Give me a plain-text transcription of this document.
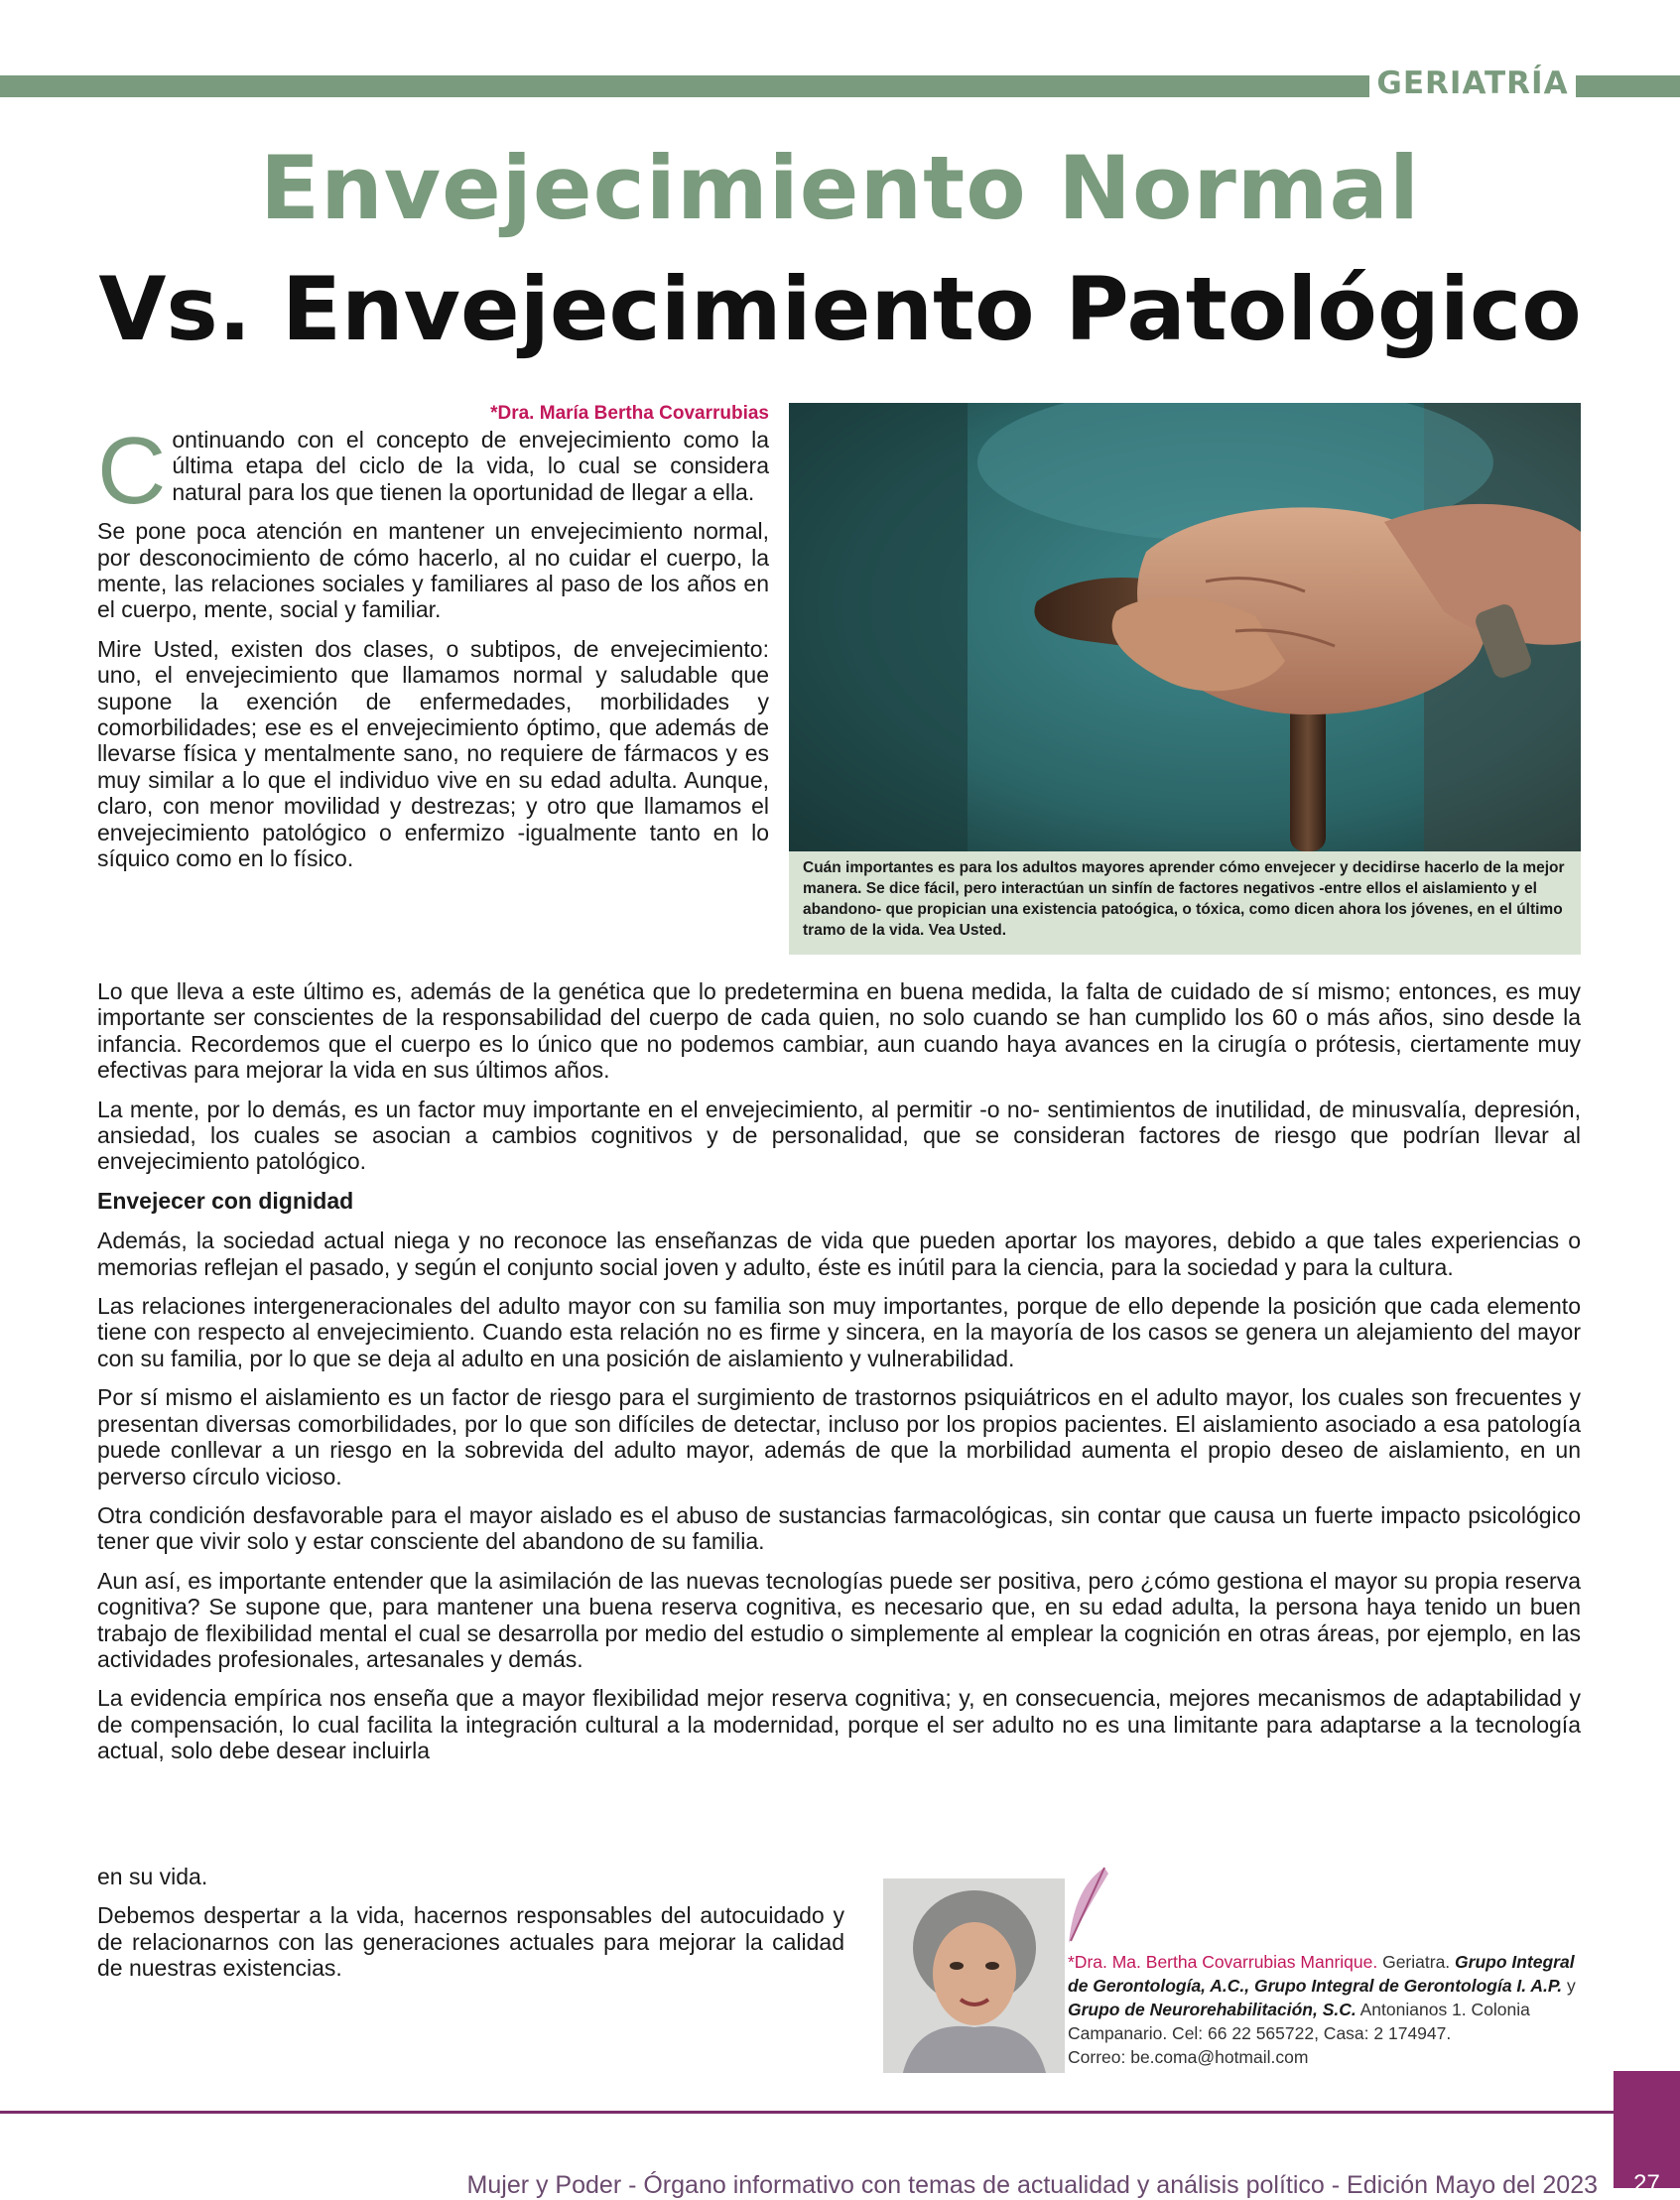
GERIATRÍA
Envejecimiento Normal
Vs. Envejecimiento Patológico
*Dra. María Bertha Covarrubias

Continuando con el concepto de envejecimiento como la última etapa del ciclo de la vida, lo cual se considera natural para los que tienen la oportunidad de llegar a ella.

Se pone poca atención en mantener un envejecimiento normal, por desconocimiento de cómo hacerlo, al no cuidar el cuerpo, la mente, las relaciones sociales y familiares al paso de los años en el cuerpo, mente, social y familiar.

Mire Usted, existen dos clases, o subtipos, de envejecimiento: uno, el envejecimiento que llamamos normal y saludable que supone la exención de enfermedades, morbilidades y comorbilidades; ese es el envejecimiento óptimo, que además de llevarse física y mentalmente sano, no requiere de fármacos y es muy similar a lo que el individuo vive en su edad adulta. Aunque, claro, con menor movilidad y destrezas; y otro que llamamos el envejecimiento patológico o enfermizo -igualmente tanto en lo síquico como en lo físico.	Cuán importantes es para los adultos mayores aprender cómo envejecer y decidirse hacerlo de la mejor manera. Se dice fácil, pero interactúan un sinfín de factores negativos -entre ellos el aislamiento y el abandono- que propician una existencia patoógica, o tóxica, como dicen ahora los jóvenes, en el último tramo de la vida. Vea Usted.

Lo que lleva a este último es, además de la genética que lo predetermina en buena medida, la falta de cuidado de sí mismo; entonces, es muy importante ser conscientes de la responsabilidad del cuerpo de cada quien, no solo cuando se han cumplido los 60 o más años, sino desde la infancia. Recordemos que el cuerpo es lo único que no podemos cambiar, aun cuando haya avances en la cirugía o prótesis, ciertamente muy efectivas para mejorar la vida en sus últimos años.

La mente, por lo demás, es un factor muy importante en el envejecimiento, al permitir -o no- sentimientos de inutilidad, de minusvalía, depresión, ansiedad, los cuales se asocian a cambios cognitivos y de personalidad, que se consideran factores de riesgo que podrían llevar al envejecimiento patológico.

Envejecer con dignidad

Además, la sociedad actual niega y no reconoce las enseñanzas de vida que pueden aportar los mayores, debido a que tales experiencias o memorias reflejan el pasado, y según el conjunto social joven y adulto, éste es inútil para la ciencia, para la sociedad y para la cultura.

Las relaciones intergeneracionales del adulto mayor con su familia son muy importantes, porque de ello depende la posición que cada elemento tiene con respecto al envejecimiento. Cuando esta relación no es firme y sincera, en la mayoría de los casos se genera un alejamiento del mayor con su familia, por lo que se deja al adulto en una posición de aislamiento y vulnerabilidad.

Por sí mismo el aislamiento es un factor de riesgo para el surgimiento de trastornos psiquiátricos en el adulto mayor, los cuales son frecuentes y presentan diversas comorbilidades, por lo que son difíciles de detectar, incluso por los propios pacientes. El aislamiento asociado a esa patología puede conllevar a un riesgo en la sobrevida del adulto mayor, además de que la morbilidad aumenta el propio deseo de aislamiento, en un perverso círculo vicioso.

Otra condición desfavorable para el mayor aislado es el abuso de sustancias farmacológicas, sin contar que causa un fuerte impacto psicológico tener que vivir solo y estar consciente del abandono de su familia.

Aun así, es importante entender que la asimilación de las nuevas tecnologías puede ser positiva, pero ¿cómo gestiona el mayor su propia reserva cognitiva? Se supone que, para mantener una buena reserva cognitiva, es necesario que, en su edad adulta, la persona haya tenido un buen trabajo de flexibilidad mental el cual se desarrolla por medio del estudio o simplemente al emplear la cognición en otras áreas, por ejemplo, en las actividades profesionales, artesanales y demás.

La evidencia empírica nos enseña que a mayor flexibilidad mejor reserva cognitiva; y, en consecuencia, mejores mecanismos de adaptabilidad y de compensación, lo cual facilita la integración cultural a la modernidad, porque el ser adulto no es una limitante para adaptarse a la tecnología actual, solo debe desear incluirla

en su vida.

Debemos despertar a la vida, hacernos responsables del autocuidado y de relacionarnos con las generaciones actuales para mejorar la calidad de nuestras existencias.	*Dra. Ma. Bertha Covarrubias Manrique. Geriatra. Grupo Integral de Gerontología, A.C., Grupo Integral de Gerontología I. A.P. y Grupo de Neurorehabilitación, S.C. Antonianos 1. Colonia Campanario. Cel: 66 22 565722, Casa: 2 174947.
Correo: be.coma@hotmail.com
Mujer y Poder - Órgano informativo con temas de actualidad y análisis político - Edición Mayo del 2023	27
